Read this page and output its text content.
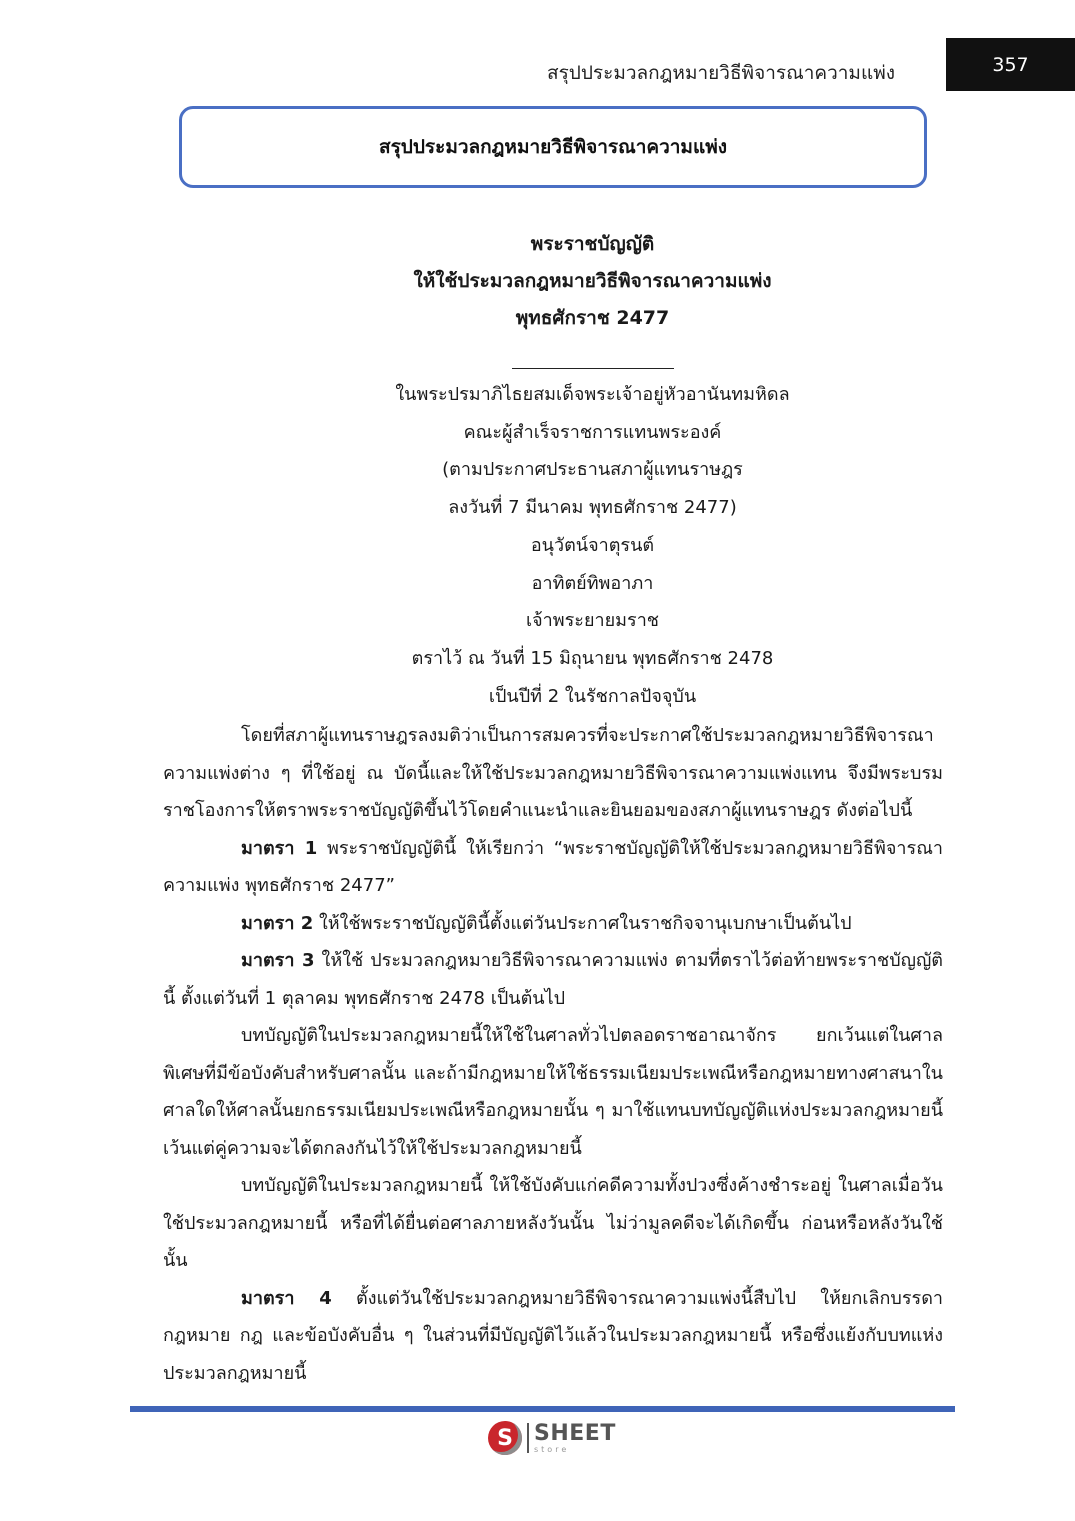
สรุปประมวลกฎหมายวิธีพิจารณาความแพ่ง	357
สรุปประมวลกฎหมายวิธีพิจารณาความแพ่ง
พระราชบัญญัติ
ให้ใช้ประมวลกฎหมายวิธีพิจารณาความแพ่ง
พุทธศักราช 2477
ในพระปรมาภิไธยสมเด็จพระเจ้าอยู่หัวอานันทมหิดล
คณะผู้สำเร็จราชการแทนพระองค์
(ตามประกาศประธานสภาผู้แทนราษฎร
ลงวันที่ 7 มีนาคม พุทธศักราช 2477)
อนุวัตน์จาตุรนต์
อาทิตย์ทิพอาภา
เจ้าพระยายมราช
ตราไว้ ณ วันที่ 15 มิถุนายน พุทธศักราช 2478
เป็นปีที่ 2 ในรัชกาลปัจจุบัน

โดยที่สภาผู้แทนราษฎรลงมติว่าเป็นการสมควรที่จะประกาศใช้ประมวลกฎหมายวิธีพิจารณาความแพ่งต่าง ๆ ที่ใช้อยู่ ณ บัดนี้และให้ใช้ประมวลกฎหมายวิธีพิจารณาความแพ่งแทน จึงมีพระบรมราชโองการให้ตราพระราชบัญญัติขึ้นไว้โดยคำแนะนำและยินยอมของสภาผู้แทนราษฎร ดังต่อไปนี้

มาตรา 1 พระราชบัญญัตินี้ ให้เรียกว่า “พระราชบัญญัติให้ใช้ประมวลกฎหมายวิธีพิจารณาความแพ่ง พุทธศักราช 2477”

มาตรา 2 ให้ใช้พระราชบัญญัตินี้ตั้งแต่วันประกาศในราชกิจจานุเบกษาเป็นต้นไป

มาตรา 3 ให้ใช้ ประมวลกฎหมายวิธีพิจารณาความแพ่ง ตามที่ตราไว้ต่อท้ายพระราชบัญญัตินี้ ตั้งแต่วันที่ 1 ตุลาคม พุทธศักราช 2478 เป็นต้นไป

บทบัญญัติในประมวลกฎหมายนี้ให้ใช้ในศาลทั่วไปตลอดราชอาณาจักร ยกเว้นแต่ในศาลพิเศษที่มีข้อบังคับสำหรับศาลนั้น และถ้ามีกฎหมายให้ใช้ธรรมเนียมประเพณีหรือกฎหมายทางศาสนาในศาลใดให้ศาลนั้นยกธรรมเนียมประเพณีหรือกฎหมายนั้น ๆ มาใช้แทนบทบัญญัติแห่งประมวลกฎหมายนี้ เว้นแต่คู่ความจะได้ตกลงกันไว้ให้ใช้ประมวลกฎหมายนี้

บทบัญญัติในประมวลกฎหมายนี้ ให้ใช้บังคับแก่คดีความทั้งปวงซึ่งค้างชำระอยู่ ในศาลเมื่อวันใช้ประมวลกฎหมายนี้ หรือที่ได้ยื่นต่อศาลภายหลังวันนั้น ไม่ว่ามูลคดีจะได้เกิดขึ้น ก่อนหรือหลังวันใช้นั้น

มาตรา 4 ตั้งแต่วันใช้ประมวลกฎหมายวิธีพิจารณาความแพ่งนี้สืบไป ให้ยกเลิกบรรดากฎหมาย กฎ และข้อบังคับอื่น ๆ ในส่วนที่มีบัญญัติไว้แล้วในประมวลกฎหมายนี้ หรือซึ่งแย้งกับบทแห่งประมวลกฎหมายนี้

S SHEET
store
